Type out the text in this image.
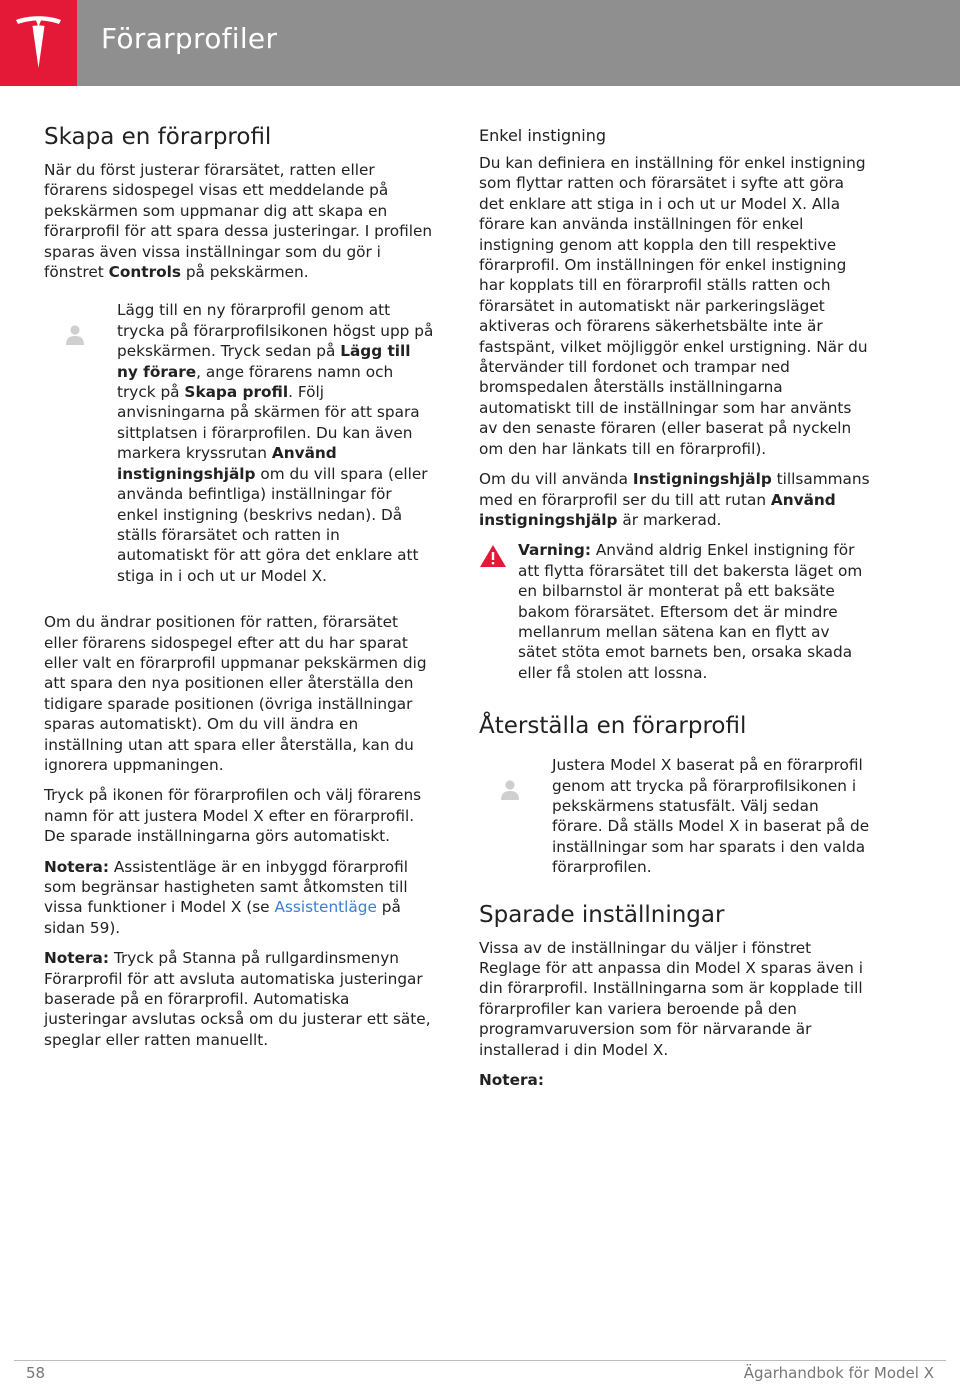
Förarprofiler
Skapa en förarprofil

När du först justerar förarsätet, ratten eller förarens sidospegel visas ett meddelande på pekskärmen som uppmanar dig att skapa en förarprofil för att spara dessa justeringar. I profilen sparas även vissa inställningar som du gör i fönstret Controls på pekskärmen.

Lägg till en ny förarprofil genom att trycka på förarprofilsikonen högst upp på pekskärmen. Tryck sedan på Lägg till ny förare, ange förarens namn och tryck på Skapa profil. Följ anvisningarna på skärmen för att spara sittplatsen i förarprofilen. Du kan även markera kryssrutan Använd instigningshjälp om du vill spara (eller använda befintliga) inställningar för enkel instigning (beskrivs nedan). Då ställs förarsätet och ratten in automatiskt för att göra det enklare att stiga in i och ut ur Model X.

Om du ändrar positionen för ratten, förarsätet eller förarens sidospegel efter att du har sparat eller valt en förarprofil uppmanar pekskärmen dig att spara den nya positionen eller återställa den tidigare sparade positionen (övriga inställningar sparas automatiskt). Om du vill ändra en inställning utan att spara eller återställa, kan du ignorera uppmaningen.

Tryck på ikonen för förarprofilen och välj förarens namn för att justera Model X efter en förarprofil. De sparade inställningarna görs automatiskt.

Notera: Assistentläge är en inbyggd förarprofil som begränsar hastigheten samt åtkomsten till vissa funktioner i Model X (se Assistentläge på sidan 59).

Notera: Tryck på Stanna på rullgardinsmenyn Förarprofil för att avsluta automatiska justeringar baserade på en förarprofil. Automatiska justeringar avslutas också om du justerar ett säte, speglar eller ratten manuellt.

Enkel instigning

Du kan definiera en inställning för enkel instigning som flyttar ratten och förarsätet i syfte att göra det enklare att stiga in i och ut ur Model X. Alla förare kan använda inställningen för enkel instigning genom att koppla den till respektive förarprofil. Om inställningen för enkel instigning har kopplats till en förarprofil ställs ratten och förarsätet in automatiskt när parkeringsläget aktiveras och förarens säkerhetsbälte inte är fastspänt, vilket möjliggör enkel urstigning. När du återvänder till fordonet och trampar ned bromspedalen återställs inställningarna automatiskt till de inställningar som har använts av den senaste föraren (eller baserat på nyckeln om den har länkats till en förarprofil).

Om du vill använda Instigningshjälp tillsammans med en förarprofil ser du till att rutan Använd instigningshjälp är markerad.

Varning: Använd aldrig Enkel instigning för att flytta förarsätet till det bakersta läget om en bilbarnstol är monterat på ett baksäte bakom förarsätet. Eftersom det är mindre mellanrum mellan sätena kan en flytt av sätet stöta emot barnets ben, orsaka skada eller få stolen att lossna.

Återställa en förarprofil

Justera Model X baserat på en förarprofil genom att trycka på förarprofilsikonen i pekskärmens statusfält. Välj sedan förare. Då ställs Model X in baserat på de inställningar som har sparats i den valda förarprofilen.

Sparade inställningar

Vissa av de inställningar du väljer i fönstret Reglage för att anpassa din Model X sparas även i din förarprofil. Inställningarna som är kopplade till förarprofiler kan variera beroende på den programvaruversion som för närvarande är installerad i din Model X.

Notera:

58	Ägarhandbok för Model X
